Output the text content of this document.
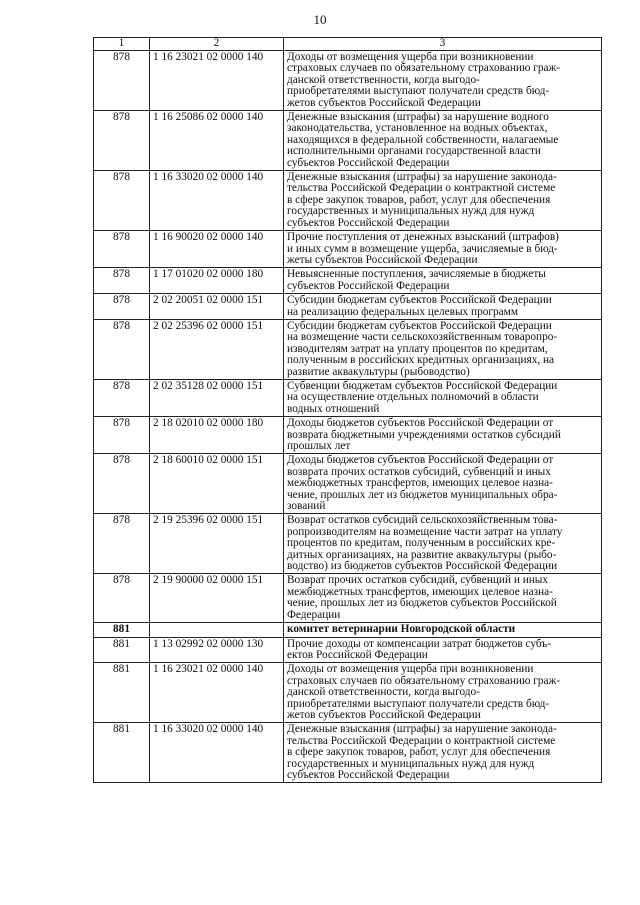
10
1	2	3
878	1 16 23021 02 0000 140	Доходы от возмещения ущерба при возникновении
страховых случаев по обязательному страхованию граж-
данской ответственности, когда выгодо-
приобретателями выступают получатели средств бюд-
жетов субъектов Российской Федерации

878	1 16 25086 02 0000 140	Денежные взыскания (штрафы) за нарушение водного
законодательства, установленное на водных объектах,
находящихся в федеральной собственности, налагаемые
исполнительными органами государственной власти
субъектов Российской Федерации

878	1 16 33020 02 0000 140	Денежные взыскания (штрафы) за нарушение законода-
тельства Российской Федерации о контрактной системе
в сфере закупок товаров, работ, услуг для обеспечения
государственных и муниципальных нужд для нужд
субъектов Российской Федерации

878	1 16 90020 02 0000 140	Прочие поступления от денежных взысканий (штрафов)
и иных сумм в возмещение ущерба, зачисляемые в бюд-
жеты субъектов Российской Федерации

878	1 17 01020 02 0000 180	Невыясненные поступления, зачисляемые в бюджеты
субъектов Российской Федерации

878	2 02 20051 02 0000 151	Субсидии бюджетам субъектов Российской Федерации
на реализацию федеральных целевых программ

878	2 02 25396 02 0000 151	Субсидии бюджетам субъектов Российской Федерации
на возмещение части сельскохозяйственным товаропро-
изводителям затрат на уплату процентов по кредитам,
полученным в российских кредитных организациях, на
развитие аквакультуры (рыбоводство)

878	2 02 35128 02 0000 151	Субвенции бюджетам субъектов Российской Федерации
на осуществление отдельных полномочий в области
водных отношений

878	2 18 02010 02 0000 180	Доходы бюджетов субъектов Российской Федерации от
возврата бюджетными учреждениями остатков субсидий
прошлых лет

878	2 18 60010 02 0000 151	Доходы бюджетов субъектов Российской Федерации от
возврата прочих остатков субсидий, субвенций и иных
межбюджетных трансфертов, имеющих целевое назна-
чение, прошлых лет из бюджетов муниципальных обра-
зований

878	2 19 25396 02 0000 151	Возврат остатков субсидий сельскохозяйственным това-
ропроизводителям на возмещение части затрат на уплату
процентов по кредитам, полученным в российских кре-
дитных организациях, на развитие аквакультуры (рыбо-
водство) из бюджетов субъектов Российской Федерации

878	2 19 90000 02 0000 151	Возврат прочих остатков субсидий, субвенций и иных
межбюджетных трансфертов, имеющих целевое назна-
чение, прошлых лет из бюджетов субъектов Российской
Федерации

881		комитет ветеринарии Новгородской области

881	1 13 02992 02 0000 130	Прочие доходы от компенсации затрат бюджетов субъ-
ектов Российской Федерации

881	1 16 23021 02 0000 140	Доходы от возмещения ущерба при возникновении
страховых случаев по обязательному страхованию граж-
данской ответственности, когда выгодо-
приобретателями выступают получатели средств бюд-
жетов субъектов Российской Федерации

881	1 16 33020 02 0000 140	Денежные взыскания (штрафы) за нарушение законода-
тельства Российской Федерации о контрактной системе
в сфере закупок товаров, работ, услуг для обеспечения
государственных и муниципальных нужд для нужд
субъектов Российской Федерации
